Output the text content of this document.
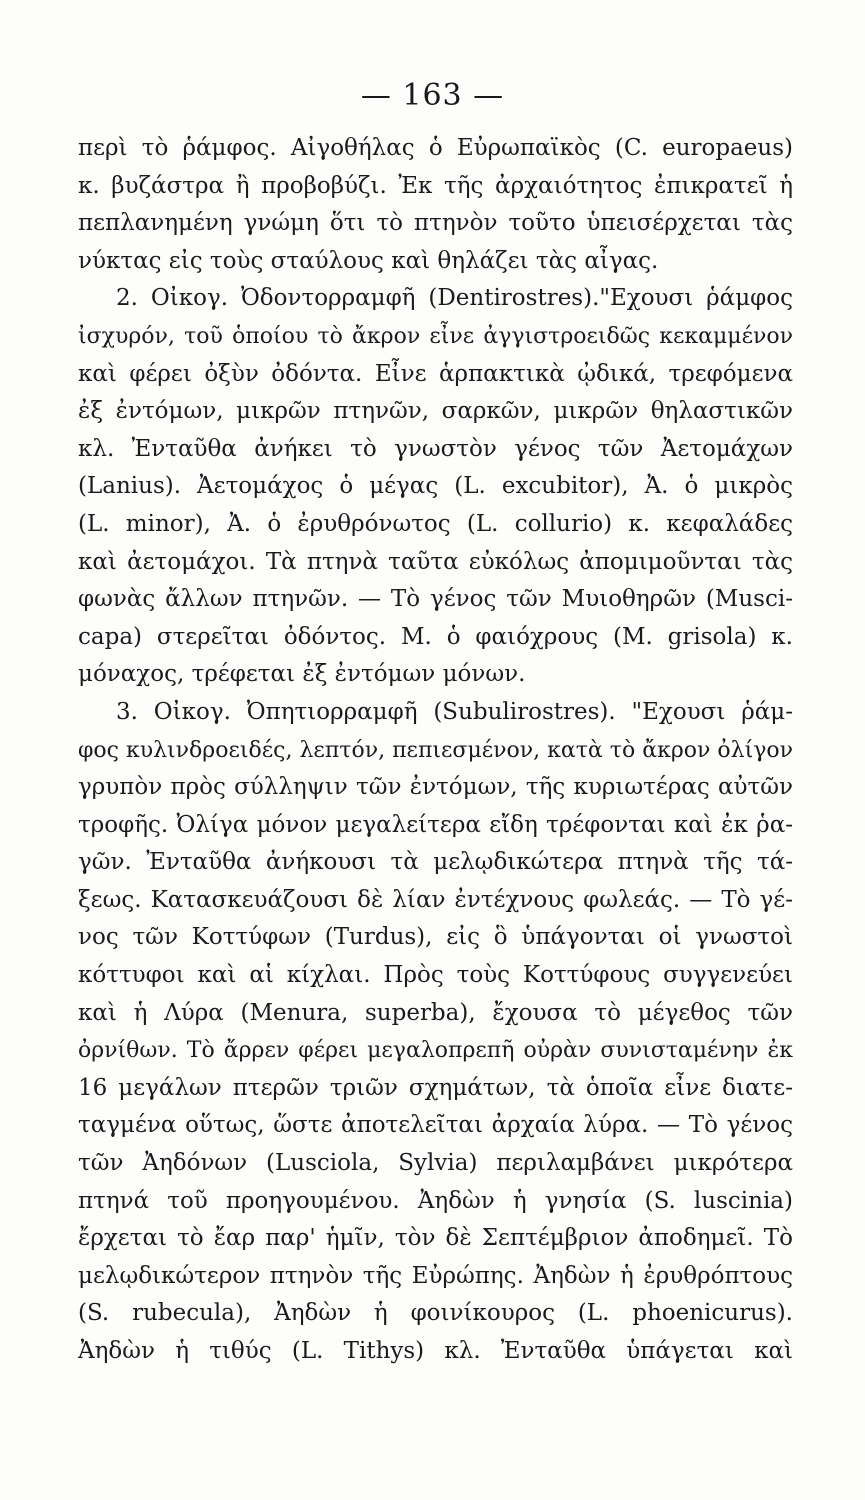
— 163 —
περὶ τὸ ῥάμφος. Αἰγοθήλας ὁ Εὐρωπαϊκὸς (C. europaeus)
κ. βυζάστρα ἢ προβοβύζι. Ἐκ τῆς ἀρχαιότητος ἐπικρατεῖ ἡ
πεπλανημένη γνώμη ὅτι τὸ πτηνὸν τοῦτο ὑπεισέρχεται τὰς
νύκτας εἰς τοὺς σταύλους καὶ θηλάζει τὰς αἶγας.
2. Οἰκογ. Ὀδοντορραμφῆ (Dentirostres)."Εχουσι ῥάμφος
ἰσχυρόν, τοῦ ὁποίου τὸ ἄκρον εἶνε ἀγγιστροειδῶς κεκαμμένον
καὶ φέρει ὀξὺν ὀδόντα. Εἶνε ἁρπακτικὰ ᾠδικά, τρεφόμενα
ἐξ ἐντόμων, μικρῶν πτηνῶν, σαρκῶν, μικρῶν θηλαστικῶν
κλ. Ἐνταῦθα ἀνήκει τὸ γνωστὸν γένος τῶν Ἀετομάχων
(Lanius). Ἀετομάχος ὁ μέγας (L. excubitor), Ἀ. ὁ μικρὸς
(L. minor), Ἀ. ὁ ἐρυθρόνωτος (L. collurio) κ. κεφαλάδες
καὶ ἀετομάχοι. Τὰ πτηνὰ ταῦτα εὐκόλως ἀπομιμοῦνται τὰς
φωνὰς ἄλλων πτηνῶν. — Τὸ γένος τῶν Μυιοθηρῶν (Musci-
capa) στερεῖται ὀδόντος. Μ. ὁ φαιόχρους (M. grisola) κ.
μόναχος, τρέφεται ἐξ ἐντόμων μόνων.
3. Οἰκογ. Ὀπητιορραμφῆ (Subulirostres). "Εχουσι ῥάμ-
φος κυλινδροειδές, λεπτόν, πεπιεσμένον, κατὰ τὸ ἄκρον ὀλίγον
γρυπὸν πρὸς σύλληψιν τῶν ἐντόμων, τῆς κυριωτέρας αὐτῶν
τροφῆς. Ὀλίγα μόνον μεγαλείτερα εἴδη τρέφονται καὶ ἐκ ῥα-
γῶν. Ἐνταῦθα ἀνήκουσι τὰ μελῳδικώτερα πτηνὰ τῆς τά-
ξεως. Κατασκευάζουσι δὲ λίαν ἐντέχνους φωλεάς. — Τὸ γέ-
νος τῶν Κοττύφων (Turdus), εἰς ὃ ὑπάγονται οἱ γνωστοὶ
κόττυφοι καὶ αἱ κίχλαι. Πρὸς τοὺς Κοττύφους συγγενεύει
καὶ ἡ Λύρα (Menura, superba), ἔχουσα τὸ μέγεθος τῶν
ὀρνίθων. Τὸ ἄρρεν φέρει μεγαλοπρεπῆ οὐρὰν συνισταμένην ἐκ
16 μεγάλων πτερῶν τριῶν σχημάτων, τὰ ὁποῖα εἶνε διατε-
ταγμένα οὕτως, ὥστε ἀποτελεῖται ἀρχαία λύρα. — Τὸ γένος
τῶν Ἀηδόνων (Lusciola, Sylvia) περιλαμβάνει μικρότερα
πτηνά τοῦ προηγουμένου. Ἀηδὼν ἡ γνησία (S. luscinia)
ἔρχεται τὸ ἔαρ παρ' ἡμῖν, τὸν δὲ Σεπτέμβριον ἀποδημεῖ. Τὸ
μελῳδικώτερον πτηνὸν τῆς Εὐρώπης. Ἀηδὼν ἡ ἐρυθρόπτους
(S. rubecula), Ἀηδὼν ἡ φοινίκουρος (L. phoenicurus).
Ἀηδὼν ἡ τιθύς (L. Tithys) κλ. Ἐνταῦθα ὑπάγεται καὶ
